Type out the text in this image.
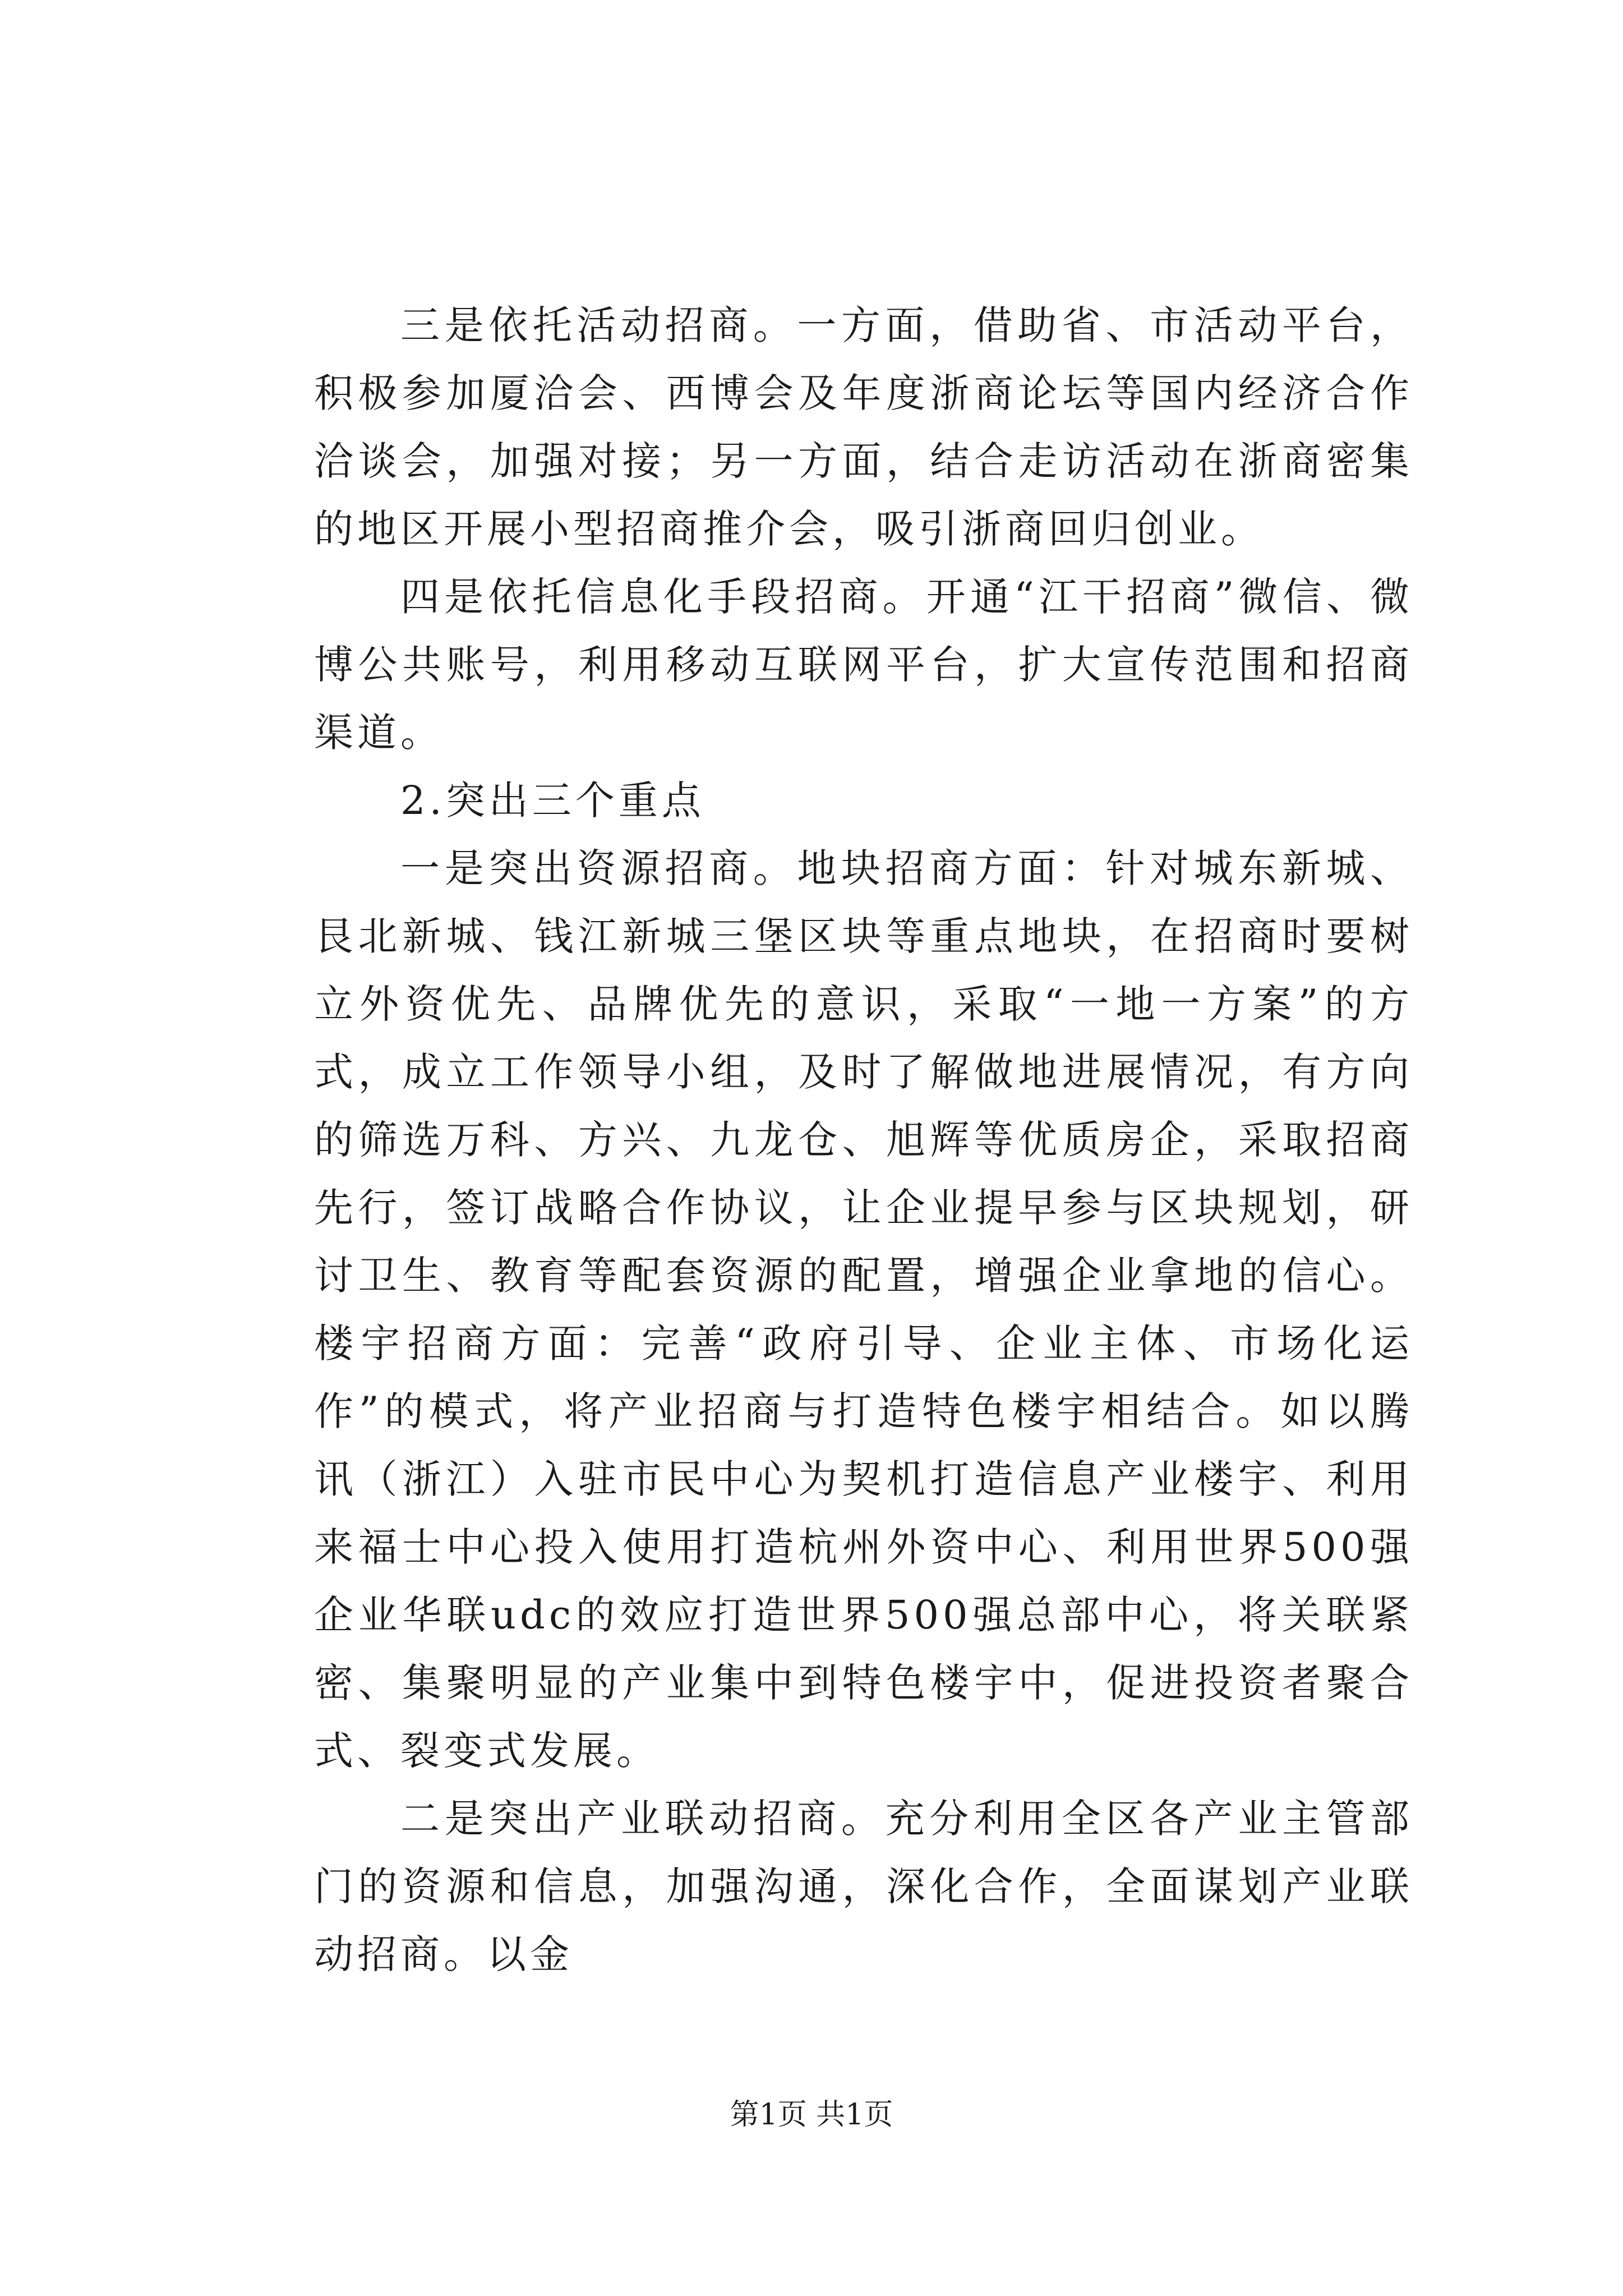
三是依托活动招商。一方面，借助省、市活动平台，积极参加厦洽会、西博会及年度浙商论坛等国内经济合作洽谈会，加强对接；另一方面，结合走访活动在浙商密集的地区开展小型招商推介会，吸引浙商回归创业。

四是依托信息化手段招商。开通“江干招商”微信、微博公共账号，利用移动互联网平台，扩大宣传范围和招商渠道。

2.突出三个重点

一是突出资源招商。地块招商方面：针对城东新城、艮北新城、钱江新城三堡区块等重点地块，在招商时要树立外资优先、品牌优先的意识，采取“一地一方案”的方式，成立工作领导小组，及时了解做地进展情况，有方向的筛选万科、方兴、九龙仓、旭辉等优质房企，采取招商先行，签订战略合作协议，让企业提早参与区块规划，研讨卫生、教育等配套资源的配置，增强企业拿地的信心。楼宇招商方面：完善“政府引导、企业主体、市场化运作”的模式，将产业招商与打造特色楼宇相结合。如以腾讯（浙江）入驻市民中心为契机打造信息产业楼宇、利用来福士中心投入使用打造杭州外资中心、利用世界500强企业华联udc的效应打造世界500强总部中心，将关联紧密、集聚明显的产业集中到特色楼宇中，促进投资者聚合式、裂变式发展。

二是突出产业联动招商。充分利用全区各产业主管部门的资源和信息，加强沟通，深化合作，全面谋划产业联动招商。以金

第1页 共1页
